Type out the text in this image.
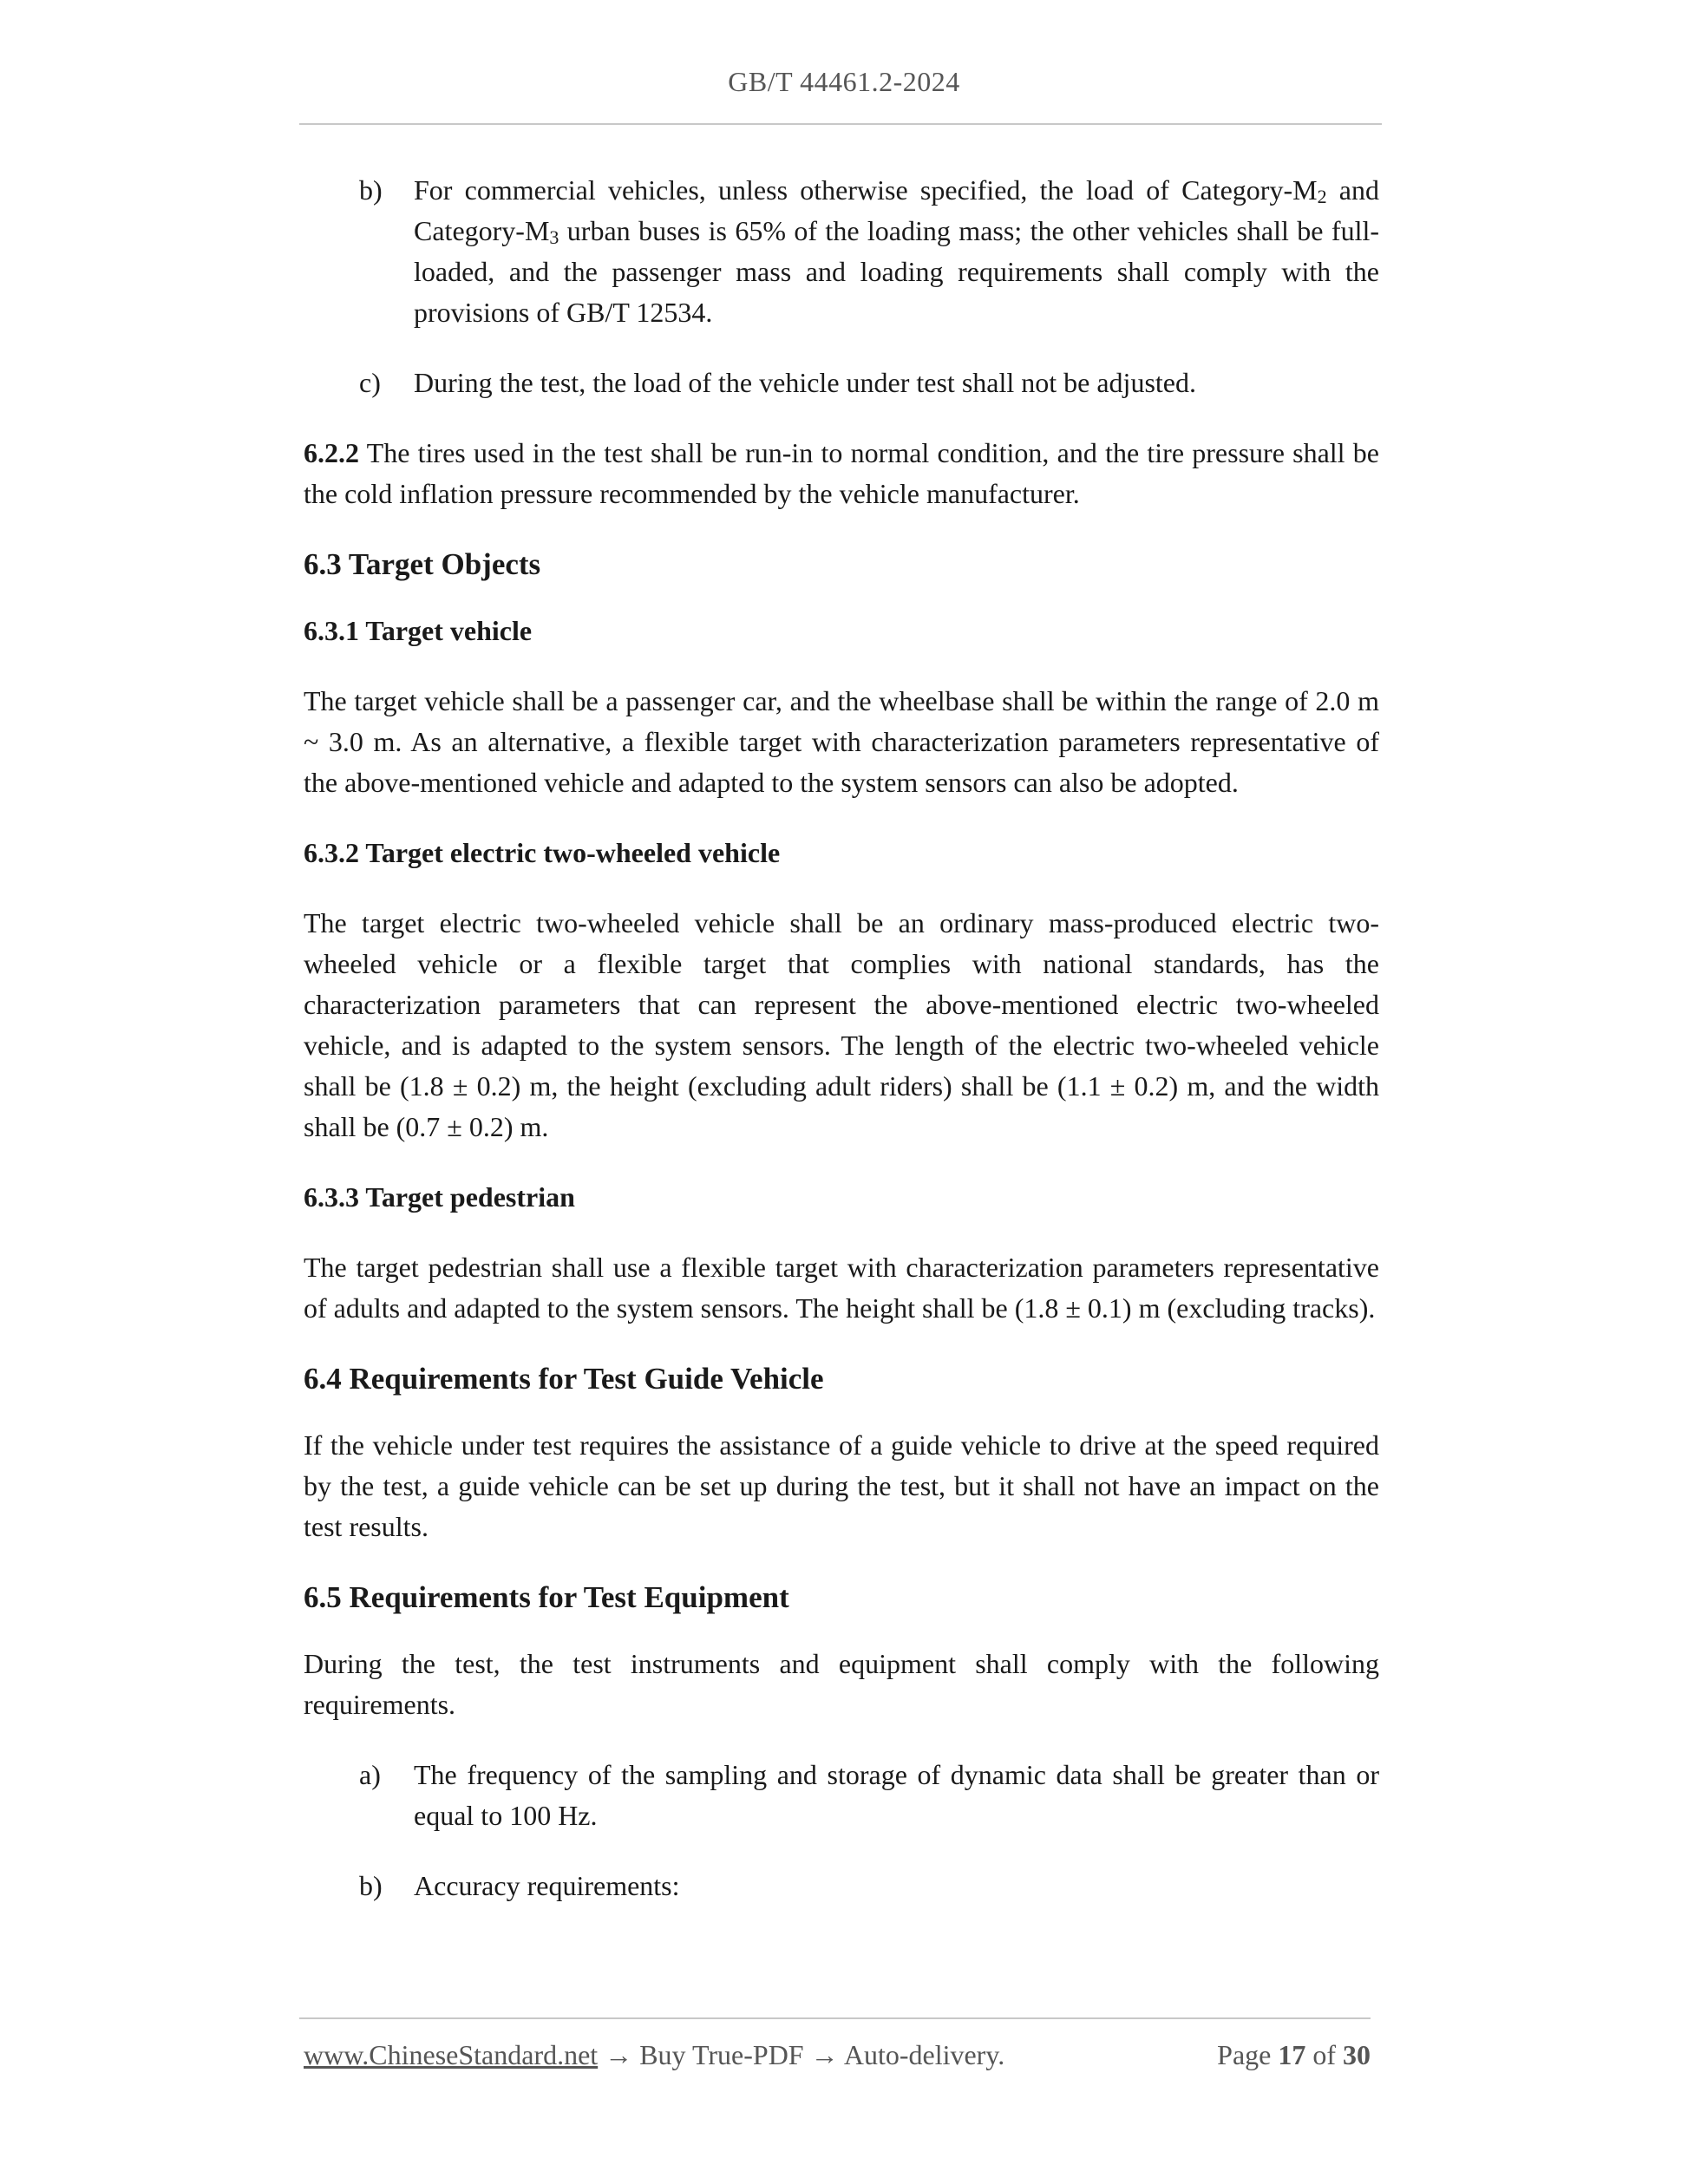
GB/T 44461.2-2024
b) For commercial vehicles, unless otherwise specified, the load of Category-$M_2$ and Category-$M_3$ urban buses is 65% of the loading mass; the other vehicles shall be full-loaded, and the passenger mass and loading requirements shall comply with the provisions of GB/T 12534.

c) During the test, the load of the vehicle under test shall not be adjusted.

6.2.2 The tires used in the test shall be run-in to normal condition, and the tire pressure shall be the cold inflation pressure recommended by the vehicle manufacturer.

6.3 Target Objects
6.3.1 Target vehicle

The target vehicle shall be a passenger car, and the wheelbase shall be within the range of 2.0 m ~ 3.0 m. As an alternative, a flexible target with characterization parameters representative of the above-mentioned vehicle and adapted to the system sensors can also be adopted.

6.3.2 Target electric two-wheeled vehicle

The target electric two-wheeled vehicle shall be an ordinary mass-produced electric two-wheeled vehicle or a flexible target that complies with national standards, has the characterization parameters that can represent the above-mentioned electric two-wheeled vehicle, and is adapted to the system sensors. The length of the electric two-wheeled vehicle shall be (1.8 ± 0.2) m, the height (excluding adult riders) shall be (1.1 ± 0.2) m, and the width shall be (0.7 ± 0.2) m.

6.3.3 Target pedestrian

The target pedestrian shall use a flexible target with characterization parameters representative of adults and adapted to the system sensors. The height shall be (1.8 ± 0.1) m (excluding tracks).

6.4 Requirements for Test Guide Vehicle

If the vehicle under test requires the assistance of a guide vehicle to drive at the speed required by the test, a guide vehicle can be set up during the test, but it shall not have an impact on the test results.

6.5 Requirements for Test Equipment

During the test, the test instruments and equipment shall comply with the following requirements.

a) The frequency of the sampling and storage of dynamic data shall be greater than or equal to 100 Hz.

b) Accuracy requirements:

www.ChineseStandard.net → Buy True-PDF → Auto-delivery.	Page 17 of 30
